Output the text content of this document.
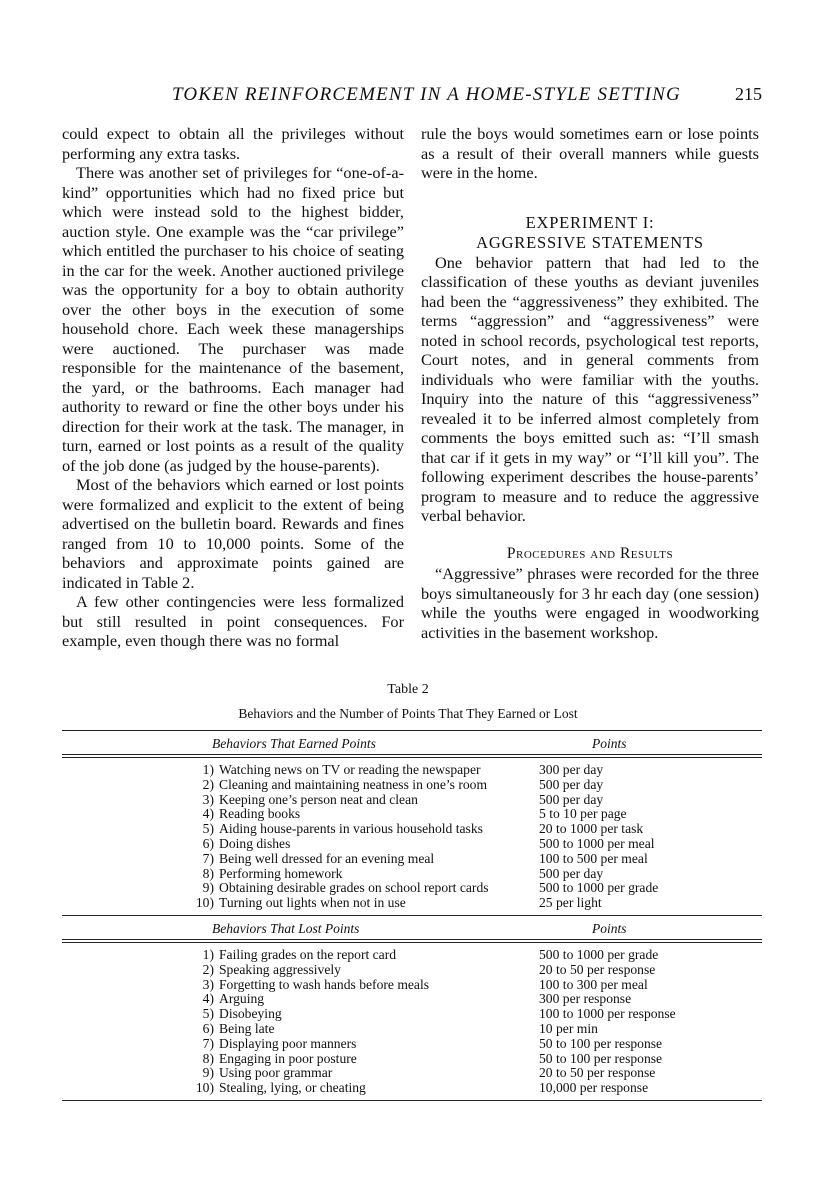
TOKEN REINFORCEMENT IN A HOME-STYLE SETTING	215

could expect to obtain all the privileges without performing any extra tasks.

There was another set of privileges for “one-of-a-kind” opportunities which had no fixed price but which were instead sold to the highest bidder, auction style. One example was the “car privilege” which entitled the purchaser to his choice of seating in the car for the week. Another auctioned privilege was the opportunity for a boy to obtain authority over the other boys in the execution of some household chore. Each week these managerships were auctioned. The purchaser was made responsible for the maintenance of the basement, the yard, or the bathrooms. Each manager had authority to reward or fine the other boys under his direction for their work at the task. The manager, in turn, earned or lost points as a result of the quality of the job done (as judged by the house-parents).

Most of the behaviors which earned or lost points were formalized and explicit to the extent of being advertised on the bulletin board. Rewards and fines ranged from 10 to 10,000 points. Some of the behaviors and approximate points gained are indicated in Table 2.

A few other contingencies were less formalized but still resulted in point consequences. For example, even though there was no formal

rule the boys would sometimes earn or lose points as a result of their overall manners while guests were in the home.

EXPERIMENT I:
AGGRESSIVE STATEMENTS

One behavior pattern that had led to the classification of these youths as deviant juveniles had been the “aggressiveness” they exhibited. The terms “aggression” and “aggressiveness” were noted in school records, psychological test reports, Court notes, and in general comments from individuals who were familiar with the youths. Inquiry into the nature of this “aggressiveness” revealed it to be inferred almost completely from comments the boys emitted such as: “I’ll smash that car if it gets in my way” or “I’ll kill you”. The following experiment describes the house-parents’ program to measure and to reduce the aggressive verbal behavior.

Procedures and Results

“Aggressive” phrases were recorded for the three boys simultaneously for 3 hr each day (one session) while the youths were engaged in woodworking activities in the basement workshop.

Table 2
Behaviors and the Number of Points That They Earned or Lost
Behaviors That Earned Points	Points
1) Watching news on TV or reading the newspaper	300 per day
2) Cleaning and maintaining neatness in one’s room	500 per day
3) Keeping one’s person neat and clean	500 per day
4) Reading books	5 to 10 per page
5) Aiding house-parents in various household tasks	20 to 1000 per task
6) Doing dishes	500 to 1000 per meal
7) Being well dressed for an evening meal	100 to 500 per meal
8) Performing homework	500 per day
9) Obtaining desirable grades on school report cards	500 to 1000 per grade
10) Turning out lights when not in use	25 per light
Behaviors That Lost Points	Points
1) Failing grades on the report card	500 to 1000 per grade
2) Speaking aggressively	20 to 50 per response
3) Forgetting to wash hands before meals	100 to 300 per meal
4) Arguing	300 per response
5) Disobeying	100 to 1000 per response
6) Being late	10 per min
7) Displaying poor manners	50 to 100 per response
8) Engaging in poor posture	50 to 100 per response
9) Using poor grammar	20 to 50 per response
10) Stealing, lying, or cheating	10,000 per response
